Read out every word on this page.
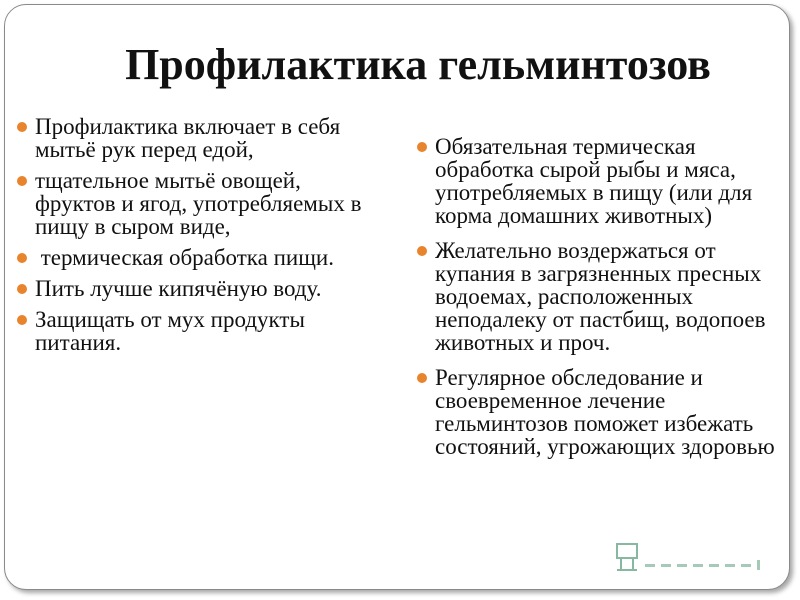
Профилактика гельминтозов
Профилактика включает в себя мытьё рук перед едой,
тщательное мытьё овощей, фруктов и ягод, употребляемых в пищу в сыром виде,
термическая обработка пищи.
Пить лучше кипячёную воду.
Защищать от мух продукты питания.
Обязательная термическая обработка сырой рыбы и мяса, употребляемых в пищу (или для корма домашних животных)
Желательно воздержаться от купания в загрязненных пресных водоемах, расположенных неподалеку от пастбищ, водопоев животных и проч.
Регулярное обследование и своевременное лечение гельминтозов поможет избежать состояний, угрожающих здоровью
